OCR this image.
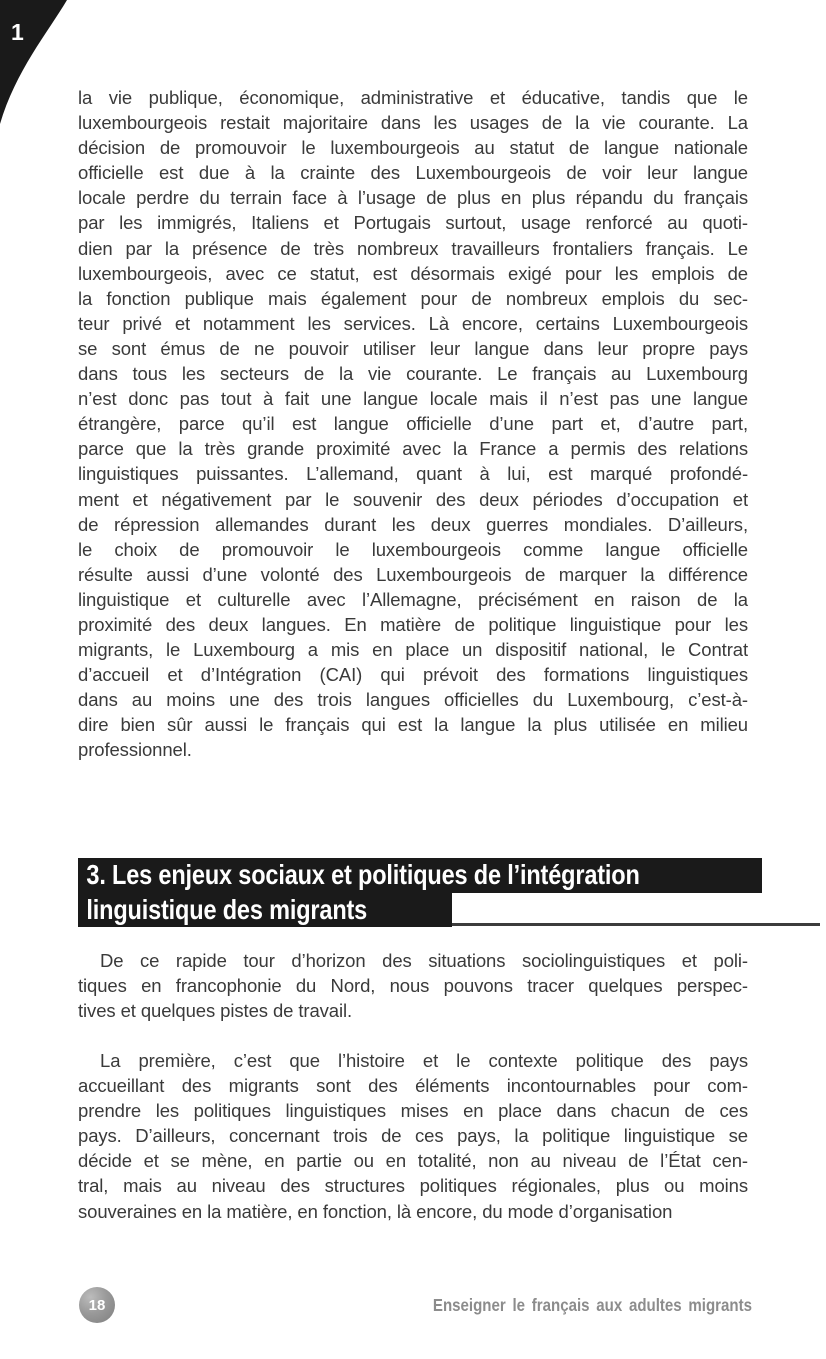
1
la vie publique, économique, administrative et éducative, tandis que le
luxembourgeois restait majoritaire dans les usages de la vie courante. La
décision de promouvoir le luxembourgeois au statut de langue nationale
officielle est due à la crainte des Luxembourgeois de voir leur langue
locale perdre du terrain face à l’usage de plus en plus répandu du français
par les immigrés, Italiens et Portugais surtout, usage renforcé au quoti-
dien par la présence de très nombreux travailleurs frontaliers français. Le
luxembourgeois, avec ce statut, est désormais exigé pour les emplois de
la fonction publique mais également pour de nombreux emplois du sec-
teur privé et notamment les services. Là encore, certains Luxembourgeois
se sont émus de ne pouvoir utiliser leur langue dans leur propre pays
dans tous les secteurs de la vie courante. Le français au Luxembourg
n’est donc pas tout à fait une langue locale mais il n’est pas une langue
étrangère, parce qu’il est langue officielle d’une part et, d’autre part,
parce que la très grande proximité avec la France a permis des relations
linguistiques puissantes. L’allemand, quant à lui, est marqué profondé-
ment et négativement par le souvenir des deux périodes d’occupation et
de répression allemandes durant les deux guerres mondiales. D’ailleurs,
le choix de promouvoir le luxembourgeois comme langue officielle
résulte aussi d’une volonté des Luxembourgeois de marquer la différence
linguistique et culturelle avec l’Allemagne, précisément en raison de la
proximité des deux langues. En matière de politique linguistique pour les
migrants, le Luxembourg a mis en place un dispositif national, le Contrat
d’accueil et d’Intégration (CAI) qui prévoit des formations linguistiques
dans au moins une des trois langues officielles du Luxembourg, c’est-à-
dire bien sûr aussi le français qui est la langue la plus utilisée en milieu
professionnel.
3. Les enjeux sociaux et politiques de l’intégration
linguistique des migrants
De ce rapide tour d’horizon des situations sociolinguistiques et poli-
tiques en francophonie du Nord, nous pouvons tracer quelques perspec-
tives et quelques pistes de travail.
La première, c’est que l’histoire et le contexte politique des pays
accueillant des migrants sont des éléments incontournables pour com-
prendre les politiques linguistiques mises en place dans chacun de ces
pays. D’ailleurs, concernant trois de ces pays, la politique linguistique se
décide et se mène, en partie ou en totalité, non au niveau de l’État cen-
tral, mais au niveau des structures politiques régionales, plus ou moins
souveraines en la matière, en fonction, là encore, du mode d’organisation
18	Enseigner le français aux adultes migrants
